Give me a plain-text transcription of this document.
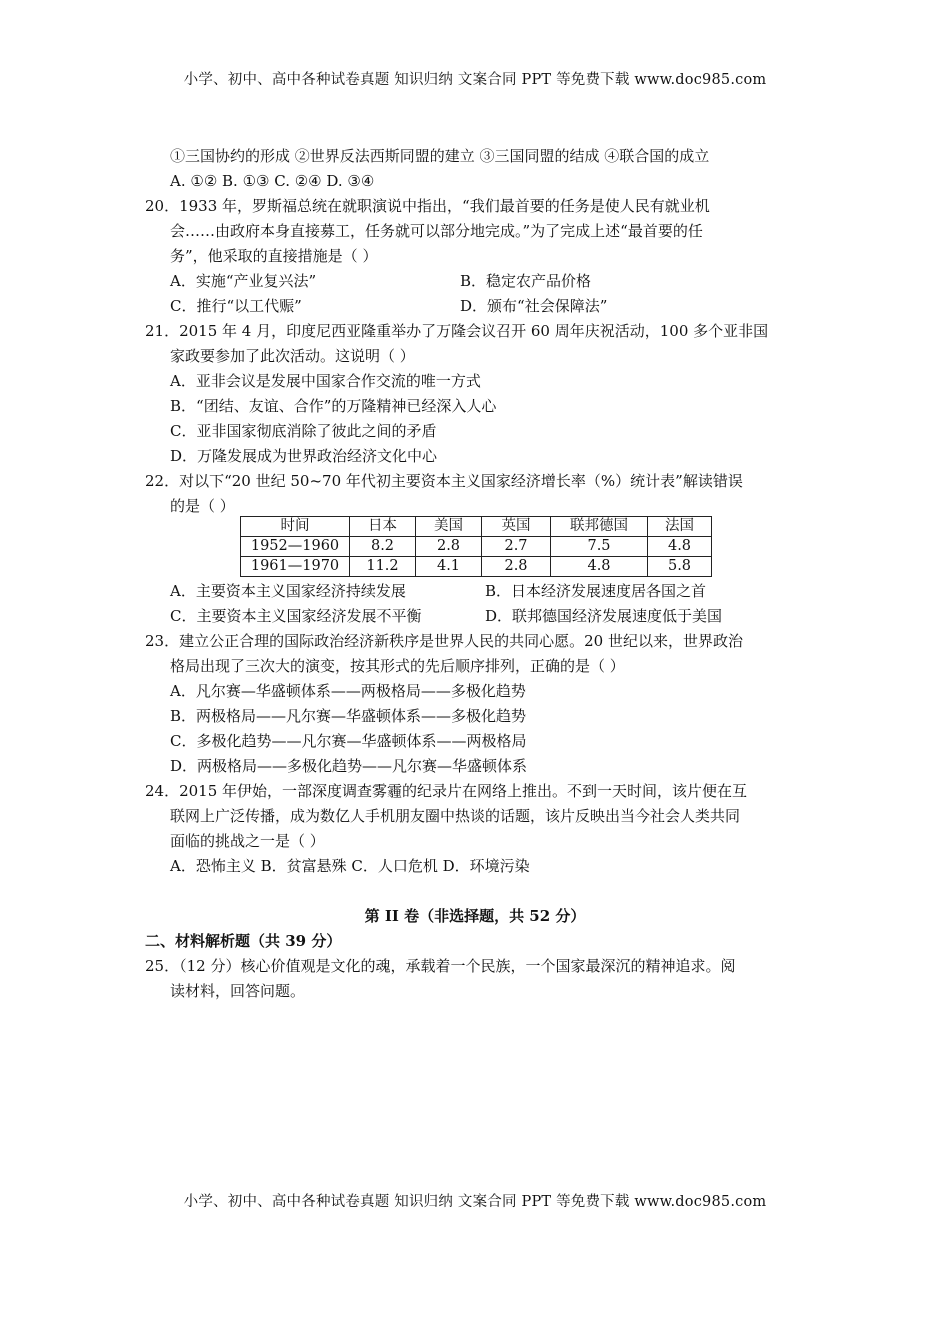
小学、初中、高中各种试卷真题 知识归纳 文案合同 PPT 等免费下载 www.doc985.com
①三国协约的形成 ②世界反法西斯同盟的建立 ③三国同盟的结成 ④联合国的成立
A. ①② B. ①③ C. ②④ D. ③④
20．1933 年，罗斯福总统在就职演说中指出，“我们最首要的任务是使人民有就业机
会……由政府本身直接募工，任务就可以部分地完成。”为了完成上述“最首要的任
务”，他采取的直接措施是（ ）
A．实施“产业复兴法”	B．稳定农产品价格
C．推行“以工代赈”	D．颁布“社会保障法”
21．2015 年 4 月，印度尼西亚隆重举办了万隆会议召开 60 周年庆祝活动，100 多个亚非国
家政要参加了此次活动。这说明（ ）
A．亚非会议是发展中国家合作交流的唯一方式
B．“团结、友谊、合作”的万隆精神已经深入人心
C．亚非国家彻底消除了彼此之间的矛盾
D．万隆发展成为世界政治经济文化中心
22．对以下“20 世纪 50~70 年代初主要资本主义国家经济增长率（%）统计表”解读错误
的是（ ）
时间	日本	美国	英国	联邦德国	法国
1952—1960	8.2	2.8	2.7	7.5	4.8
1961—1970	11.2	4.1	2.8	4.8	5.8
A．主要资本主义国家经济持续发展	B．日本经济发展速度居各国之首
C．主要资本主义国家经济发展不平衡	D．联邦德国经济发展速度低于美国
23．建立公正合理的国际政治经济新秩序是世界人民的共同心愿。20 世纪以来，世界政治
格局出现了三次大的演变，按其形式的先后顺序排列，正确的是（ ）
A．凡尔赛—华盛顿体系——两极格局——多极化趋势
B．两极格局——凡尔赛—华盛顿体系——多极化趋势
C．多极化趋势——凡尔赛—华盛顿体系——两极格局
D．两极格局——多极化趋势——凡尔赛—华盛顿体系
24．2015 年伊始，一部深度调查雾霾的纪录片在网络上推出。不到一天时间，该片便在互
联网上广泛传播，成为数亿人手机朋友圈中热谈的话题，该片反映出当今社会人类共同
面临的挑战之一是（ ）
A．恐怖主义 B．贫富悬殊 C．人口危机 D．环境污染
第 II 卷（非选择题，共 52 分）
二、材料解析题（共 39 分）
25．（12 分）核心价值观是文化的魂，承载着一个民族，一个国家最深沉的精神追求。阅
读材料，回答问题。
小学、初中、高中各种试卷真题 知识归纳 文案合同 PPT 等免费下载 www.doc985.com
